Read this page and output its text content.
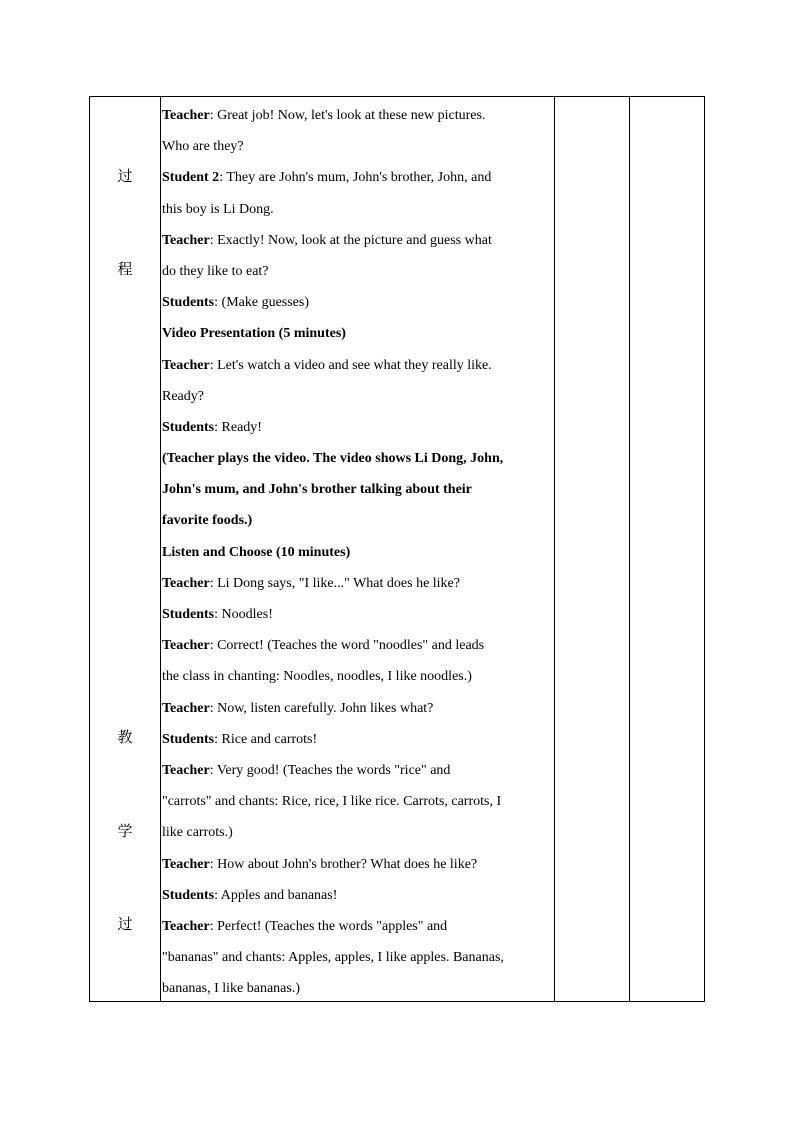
过
程
教
学
过
Teacher: Great job! Now, let's look at these new pictures.
Who are they?
Student 2: They are John's mum, John's brother, John, and
this boy is Li Dong.
Teacher: Exactly! Now, look at the picture and guess what
do they like to eat?
Students: (Make guesses)
Video Presentation (5 minutes)
Teacher: Let's watch a video and see what they really like.
Ready?
Students: Ready!
(Teacher plays the video. The video shows Li Dong, John,
John's mum, and John's brother talking about their
favorite foods.)
Listen and Choose (10 minutes)
Teacher: Li Dong says, "I like..." What does he like?
Students: Noodles!
Teacher: Correct! (Teaches the word "noodles" and leads
the class in chanting: Noodles, noodles, I like noodles.)
Teacher: Now, listen carefully. John likes what?
Students: Rice and carrots!
Teacher: Very good! (Teaches the words "rice" and
"carrots" and chants: Rice, rice, I like rice. Carrots, carrots, I
like carrots.)
Teacher: How about John's brother? What does he like?
Students: Apples and bananas!
Teacher: Perfect! (Teaches the words "apples" and
"bananas" and chants: Apples, apples, I like apples. Bananas,
bananas, I like bananas.)
